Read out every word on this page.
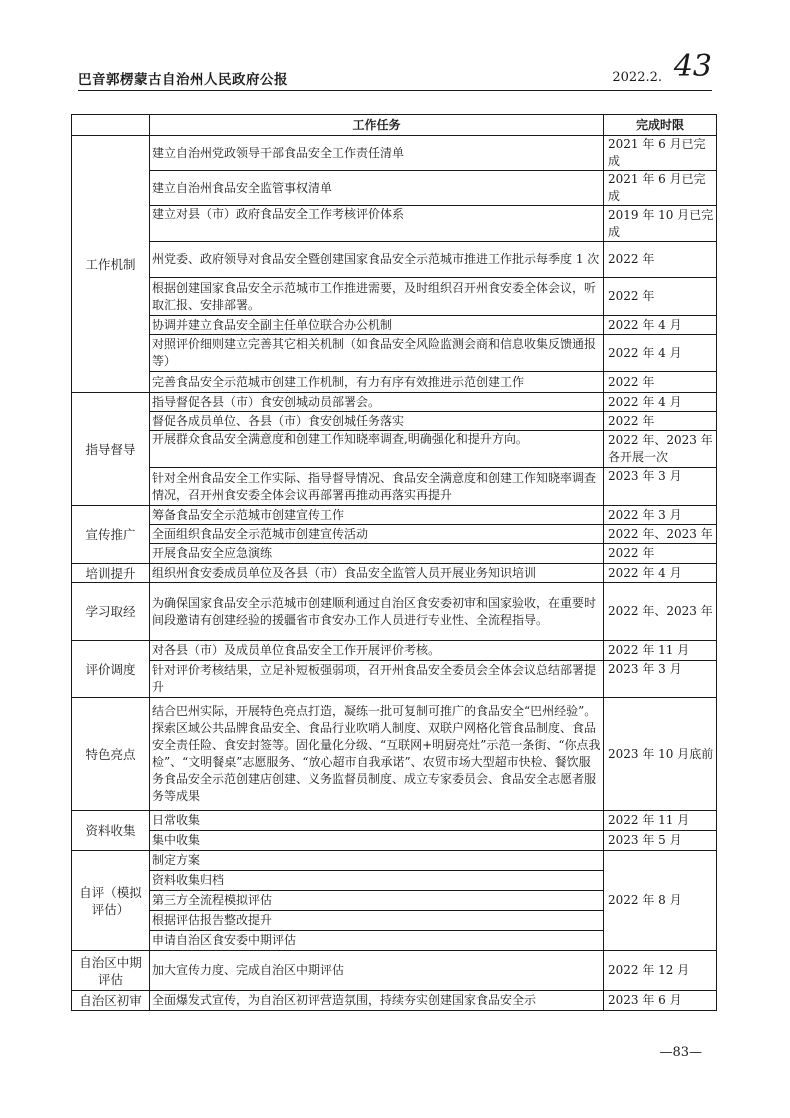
巴音郭楞蒙古自治州人民政府公报	2022.2. 43
	工作任务	完成时限
工作机制	建立自治州党政领导干部食品安全工作责任清单	2021 年 6 月已完成
	建立自治州食品安全监管事权清单	2021 年 6 月已完成
	建立对县（市）政府食品安全工作考核评价体系	2019 年 10 月已完成
	州党委、政府领导对食品安全暨创建国家食品安全示范城市推进工作批示每季度 1 次	2022 年
	根据创建国家食品安全示范城市工作推进需要，及时组织召开州食安委全体会议，听取汇报、安排部署。	2022 年
	协调并建立食品安全副主任单位联合办公机制	2022 年 4 月
	对照评价细则建立完善其它相关机制（如食品安全风险监测会商和信息收集反馈通报等）	2022 年 4 月
	完善食品安全示范城市创建工作机制，有力有序有效推进示范创建工作	2022 年
指导督导	指导督促各县（市）食安创城动员部署会。	2022 年 4 月
	督促各成员单位、各县（市）食安创城任务落实	2022 年
	开展群众食品安全满意度和创建工作知晓率调查,明确强化和提升方向。	2022 年、2023 年各开展一次
	针对全州食品安全工作实际、指导督导情况、食品安全满意度和创建工作知晓率调查情况，召开州食安委全体会议再部署再推动再落实再提升	2023 年 3 月
宣传推广	筹备食品安全示范城市创建宣传工作	2022 年 3 月
	全面组织食品安全示范城市创建宣传活动	2022 年、2023 年
	开展食品安全应急演练	2022 年
培训提升	组织州食安委成员单位及各县（市）食品安全监管人员开展业务知识培训	2022 年 4 月
学习取经	为确保国家食品安全示范城市创建顺利通过自治区食安委初审和国家验收，在重要时间段邀请有创建经验的援疆省市食安办工作人员进行专业性、全流程指导。	2022 年、2023 年
评价调度	对各县（市）及成员单位食品安全工作开展评价考核。	2022 年 11 月
	针对评价考核结果，立足补短板强弱项，召开州食品安全委员会全体会议总结部署提升	2023 年 3 月
特色亮点	结合巴州实际，开展特色亮点打造，凝练一批可复制可推广的食品安全“巴州经验”。探索区域公共品牌食品安全、食品行业吹哨人制度、双联户网格化管食品制度、食品安全责任险、食安封签等。固化量化分级、“互联网+明厨亮灶”示范一条街、“你点我检”、“文明餐桌”志愿服务、“放心超市自我承诺”、农贸市场大型超市快检、餐饮服务食品安全示范创建店创建、义务监督员制度、成立专家委员会、食品安全志愿者服务等成果	2023 年 10 月底前
资料收集	日常收集	2022 年 11 月
	集中收集	2023 年 5 月
自评（模拟评估）	制定方案	2022 年 8 月
	资料收集归档	
	第三方全流程模拟评估	
	根据评估报告整改提升	
	申请自治区食安委中期评估	
自治区中期评估	加大宣传力度、完成自治区中期评估	2022 年 12 月
自治区初审	全面爆发式宣传，为自治区初评营造氛围，持续夯实创建国家食品安全示	2023 年 6 月
—83—
